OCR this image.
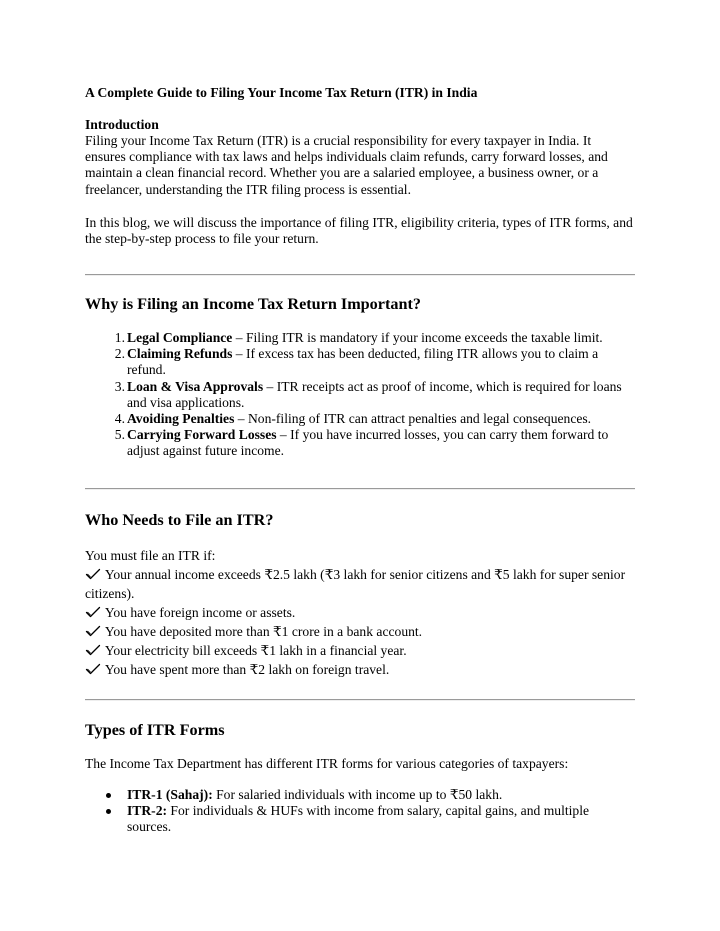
A Complete Guide to Filing Your Income Tax Return (ITR) in India
Introduction
Filing your Income Tax Return (ITR) is a crucial responsibility for every taxpayer in India. It ensures compliance with tax laws and helps individuals claim refunds, carry forward losses, and maintain a clean financial record. Whether you are a salaried employee, a business owner, or a freelancer, understanding the ITR filing process is essential.
In this blog, we will discuss the importance of filing ITR, eligibility criteria, types of ITR forms, and the step-by-step process to file your return.
Why is Filing an Income Tax Return Important?
1. Legal Compliance – Filing ITR is mandatory if your income exceeds the taxable limit.
2. Claiming Refunds – If excess tax has been deducted, filing ITR allows you to claim a refund.
3. Loan & Visa Approvals – ITR receipts act as proof of income, which is required for loans and visa applications.
4. Avoiding Penalties – Non-filing of ITR can attract penalties and legal consequences.
5. Carrying Forward Losses – If you have incurred losses, you can carry them forward to adjust against future income.
Who Needs to File an ITR?
You must file an ITR if:
Your annual income exceeds ₹2.5 lakh (₹3 lakh for senior citizens and ₹5 lakh for super senior citizens).
You have foreign income or assets.
You have deposited more than ₹1 crore in a bank account.
Your electricity bill exceeds ₹1 lakh in a financial year.
You have spent more than ₹2 lakh on foreign travel.
Types of ITR Forms
The Income Tax Department has different ITR forms for various categories of taxpayers:
ITR-1 (Sahaj): For salaried individuals with income up to ₹50 lakh.
ITR-2: For individuals & HUFs with income from salary, capital gains, and multiple sources.
